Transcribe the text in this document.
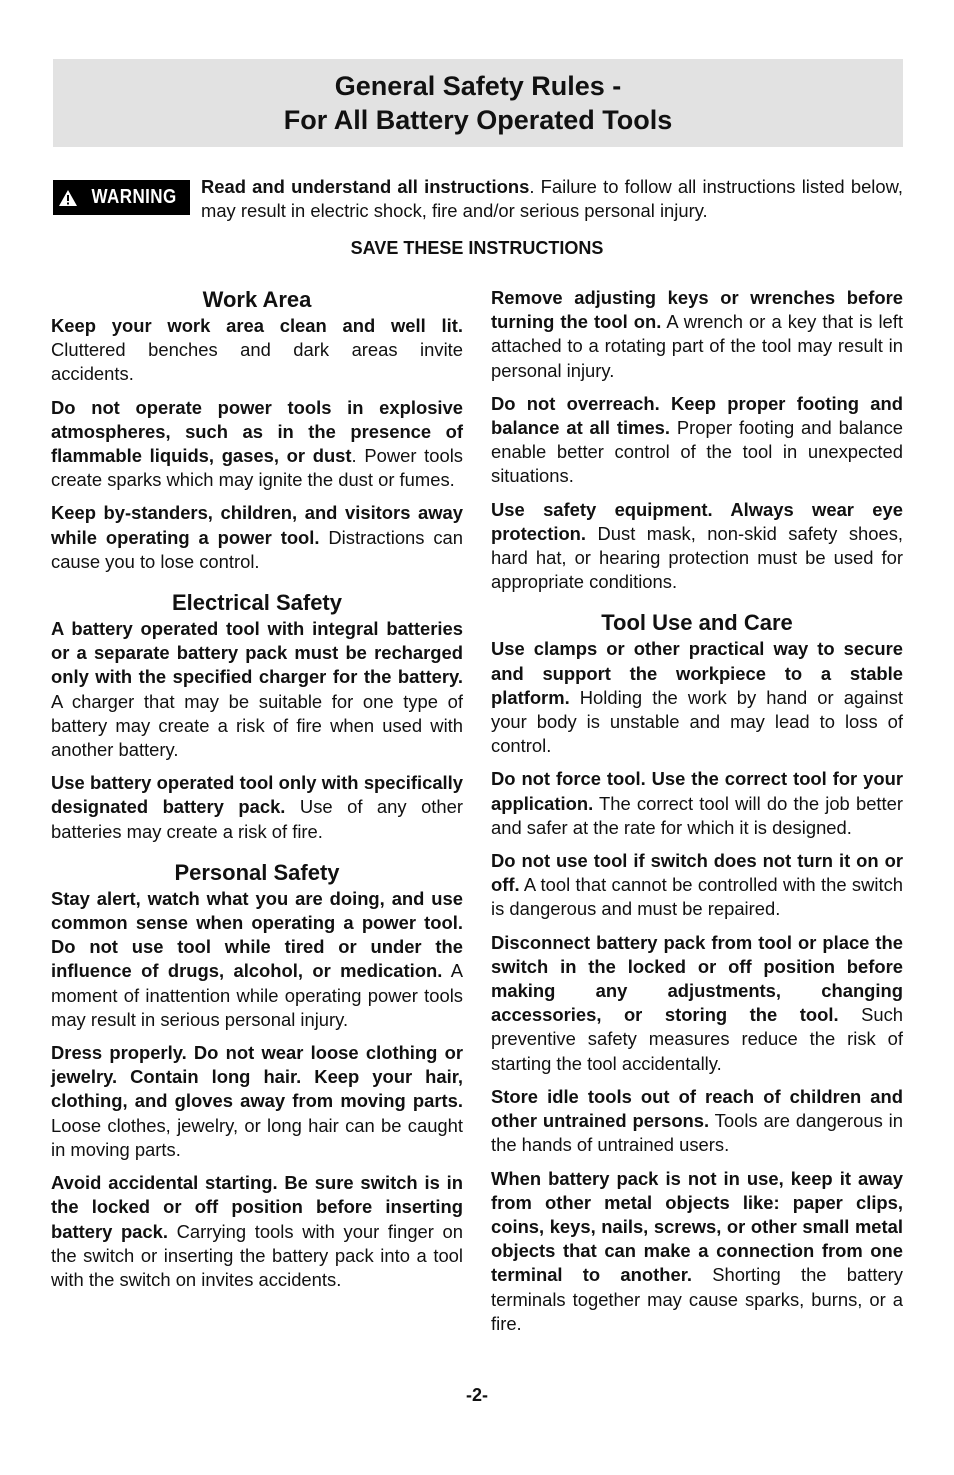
General Safety Rules -
For All Battery Operated Tools
WARNING Read and understand all instructions. Failure to follow all instructions listed below, may result in electric shock, fire and/or serious personal injury.
SAVE THESE INSTRUCTIONS
Work Area

Keep your work area clean and well lit. Cluttered benches and dark areas invite accidents.

Do not operate power tools in explosive atmospheres, such as in the presence of flammable liquids, gases, or dust. Power tools create sparks which may ignite the dust or fumes.

Keep by-standers, children, and visitors away while operating a power tool. Distractions can cause you to lose control.

Electrical Safety

A battery operated tool with integral batteries or a separate battery pack must be recharged only with the specified charger for the battery. A charger that may be suitable for one type of battery may create a risk of fire when used with another battery.

Use battery operated tool only with specifically designated battery pack. Use of any other batteries may create a risk of fire.

Personal Safety

Stay alert, watch what you are doing, and use common sense when operating a power tool. Do not use tool while tired or under the influence of drugs, alcohol, or medication. A moment of inattention while operating power tools may result in serious personal injury.

Dress properly. Do not wear loose clothing or jewelry. Contain long hair. Keep your hair, clothing, and gloves away from moving parts. Loose clothes, jewelry, or long hair can be caught in moving parts.

Avoid accidental starting. Be sure switch is in the locked or off position before inserting battery pack. Carrying tools with your finger on the switch or inserting the battery pack into a tool with the switch on invites accidents.

Remove adjusting keys or wrenches before turning the tool on. A wrench or a key that is left attached to a rotating part of the tool may result in personal injury.

Do not overreach. Keep proper footing and balance at all times. Proper footing and balance enable better control of the tool in unexpected situations.

Use safety equipment. Always wear eye protection. Dust mask, non-skid safety shoes, hard hat, or hearing protection must be used for appropriate conditions.

Tool Use and Care

Use clamps or other practical way to secure and support the workpiece to a stable platform. Holding the work by hand or against your body is unstable and may lead to loss of control.

Do not force tool. Use the correct tool for your application. The correct tool will do the job better and safer at the rate for which it is designed.

Do not use tool if switch does not turn it on or off. A tool that cannot be controlled with the switch is dangerous and must be repaired.

Disconnect battery pack from tool or place the switch in the locked or off position before making any adjustments, changing accessories, or storing the tool. Such preventive safety measures reduce the risk of starting the tool accidentally.

Store idle tools out of reach of children and other untrained persons. Tools are dangerous in the hands of untrained users.

When battery pack is not in use, keep it away from other metal objects like: paper clips, coins, keys, nails, screws, or other small metal objects that can make a connection from one terminal to another. Shorting the battery terminals together may cause sparks, burns, or a fire.

-2-
